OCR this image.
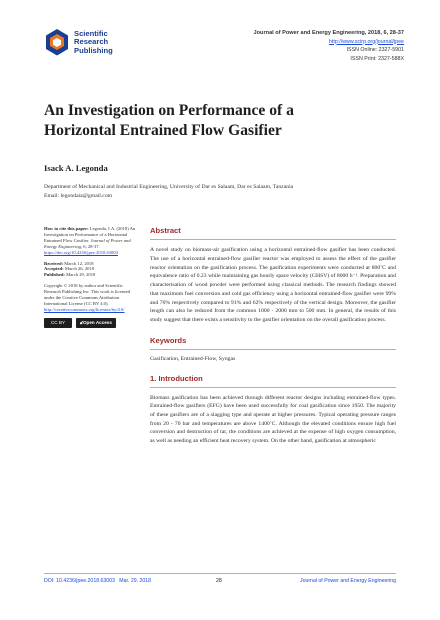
Scientific
Research
Publishing
Journal of Power and Energy Engineering, 2018, 6, 28-37
http://www.scirp.org/journal/jpee
ISSN Online: 2327-5901
ISSN Print: 2327-588X
An Investigation on Performance of a
Horizontal Entrained Flow Gasifier
Isack A. Legonda
Department of Mechanical and Industrial Engineering, University of Dar es Salaam, Dar es Salaam, Tanzania
Email: legondaia@gmail.com

How to cite this paper: Legonda, I.A. (2018) An Investigation on Performance of a Horizontal Entrained Flow Gasifier. Journal of Power and Energy Engineering, 6, 28-37. https://doi.org/10.4236/jpee.2018.63003

Received: March 12, 2018
Accepted: March 26, 2018
Published: March 29, 2018

Copyright © 2018 by author and Scientific Research Publishing Inc. This work is licensed under the Creative Commons Attribution International License (CC BY 4.0).
http://creativecommons.org/licenses/by/4.0/

CC BY	🔓︎ Open Access
Abstract

A novel study on biomass-air gasification using a horizontal entrained-flow gasifier has been conducted. The use of a horizontal entrained-flow gasifier reactor was employed to assess the effect of the gasifier reactor orientation on the gasification process. The gasification experiments were conducted at 800˚C and equivalence ratio of 0.23 while maintaining gas hourly space velocity (GHSV) of 8000 h⁻¹. Preparation and characterisation of wood powder were performed using classical methods. The research findings showed that maximum fuel conversion and cold gas efficiency using a horizontal entrained-flow gasifier were 99% and 70% respectively compared to 91% and 62% respectively of the vertical design. Moreover, the gasifier length can also be reduced from the common 1000 - 2000 mm to 500 mm. In general, the results of this study suggest that there exists a sensitivity to the gasifier orientation on the overall gasification process.

Keywords

Gasification, Entrained-Flow, Syngas

1. Introduction

Biomass gasification has been achieved through different reactor designs including entrained-flow types. Entrained-flow gasifiers (EFG) have been used successfully for coal gasification since 1950. The majority of these gasifiers are of a slagging type and operate at higher pressures. Typical operating pressure ranges from 20 - 70 bar and temperatures are above 1400˚C. Although the elevated conditions ensure high fuel conversion and destruction of tar, the conditions are achieved at the expense of high oxygen consumption, as well as needing an efficient heat recovery system. On the other hand, gasification at atmospheric

DOI: 10.4236/jpee.2018.63003 Mar. 29, 2018	28	Journal of Power and Energy Engineering
